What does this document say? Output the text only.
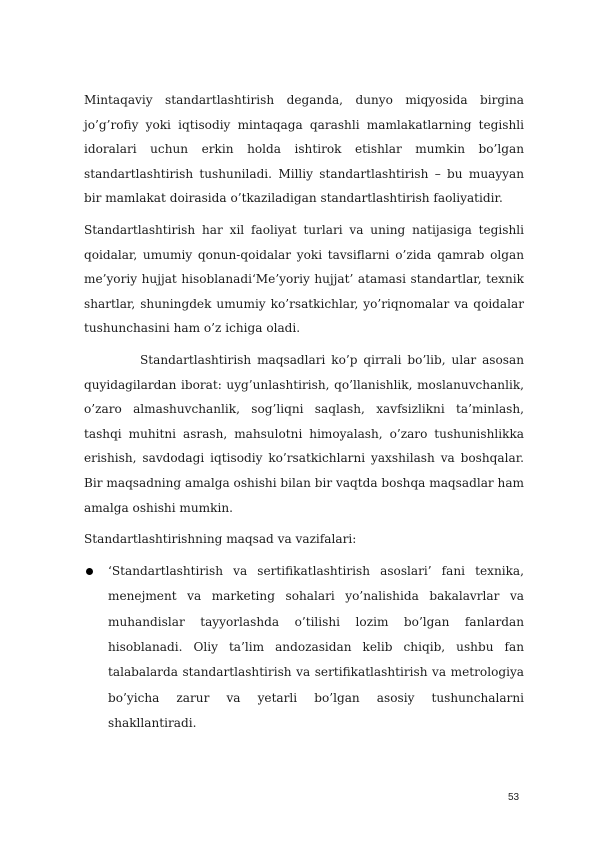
Mintaqaviy standartlashtirish deganda, dunyo miqyosida birgina jo’g’rofiy yoki iqtisodiy mintaqaga qarashli mamlakatlarning tegishli idoralari uchun erkin holda ishtirok etishlar mumkin bo’lgan standartlashtirish tushuniladi. Milliy standartlashtirish – bu muayyan bir mamlakat doirasida o’tkaziladigan standartlashtirish faoliyatidir.

Standartlashtirish har xil faoliyat turlari va uning natijasiga tegishli qoidalar, umumiy qonun-qoidalar yoki tavsiflarni o’zida qamrab olgan me’yoriy hujjat hisoblanadi‘Me’yoriy hujjat’ atamasi standartlar, texnik shartlar, shuningdek umumiy ko’rsatkichlar, yo’riqnomalar va qoidalar tushunchasini ham o’z ichiga oladi.

Standartlashtirish maqsadlari ko’p qirrali bo’lib, ular asosan quyidagilardan iborat: uyg’unlashtirish, qo’llanishlik, moslanuvchanlik, o’zaro almashuvchanlik, sog’liqni saqlash, xavfsizlikni ta’minlash, tashqi muhitni asrash, mahsulotni himoyalash, o’zaro tushunishlikka erishish, savdodagi iqtisodiy ko’rsatkichlarni yaxshilash va boshqalar. Bir maqsadning amalga oshishi bilan bir vaqtda boshqa maqsadlar ham amalga oshishi mumkin.

Standartlashtirishning maqsad va vazifalari:

‘Standartlashtirish va sertifikatlashtirish asoslari’ fani texnika, menejment va marketing sohalari yo’nalishida bakalavrlar va muhandislar tayyorlashda o’tilishi lozim bo’lgan fanlardan hisoblanadi. Oliy ta’lim andozasidan kelib chiqib, ushbu fan talabalarda standartlashtirish va sertifikatlashtirish va metrologiya bo’yicha zarur va yetarli bo’lgan asosiy tushunchalarni shakllantiradi.
53
